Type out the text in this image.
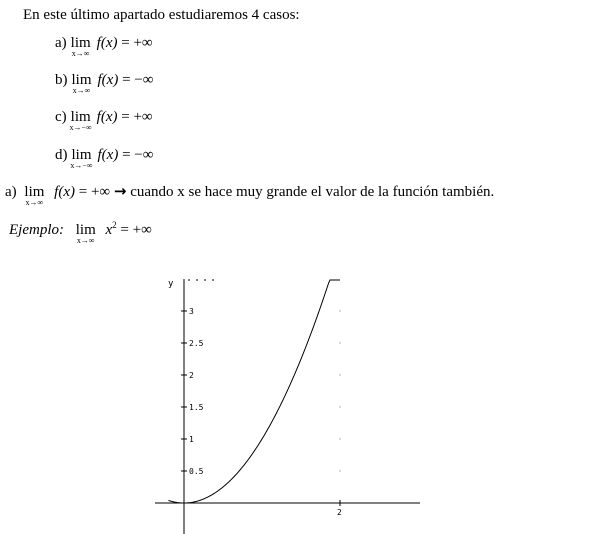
En este último apartado estudiaremos 4 casos:
a) lim
x→∞
f(x) = +∞
b) lim
x→∞
f(x) = −∞
c) lim
x→−∞
f(x) = +∞
d) lim
x→−∞
f(x) = −∞
a) lim
x→∞
f(x) = +∞ → cuando x se hace muy grande el valor de la función también.
Ejemplo: lim
x→∞
$x^2$ = +∞
y
0.5
1
1.5
2
2.5
3
2
